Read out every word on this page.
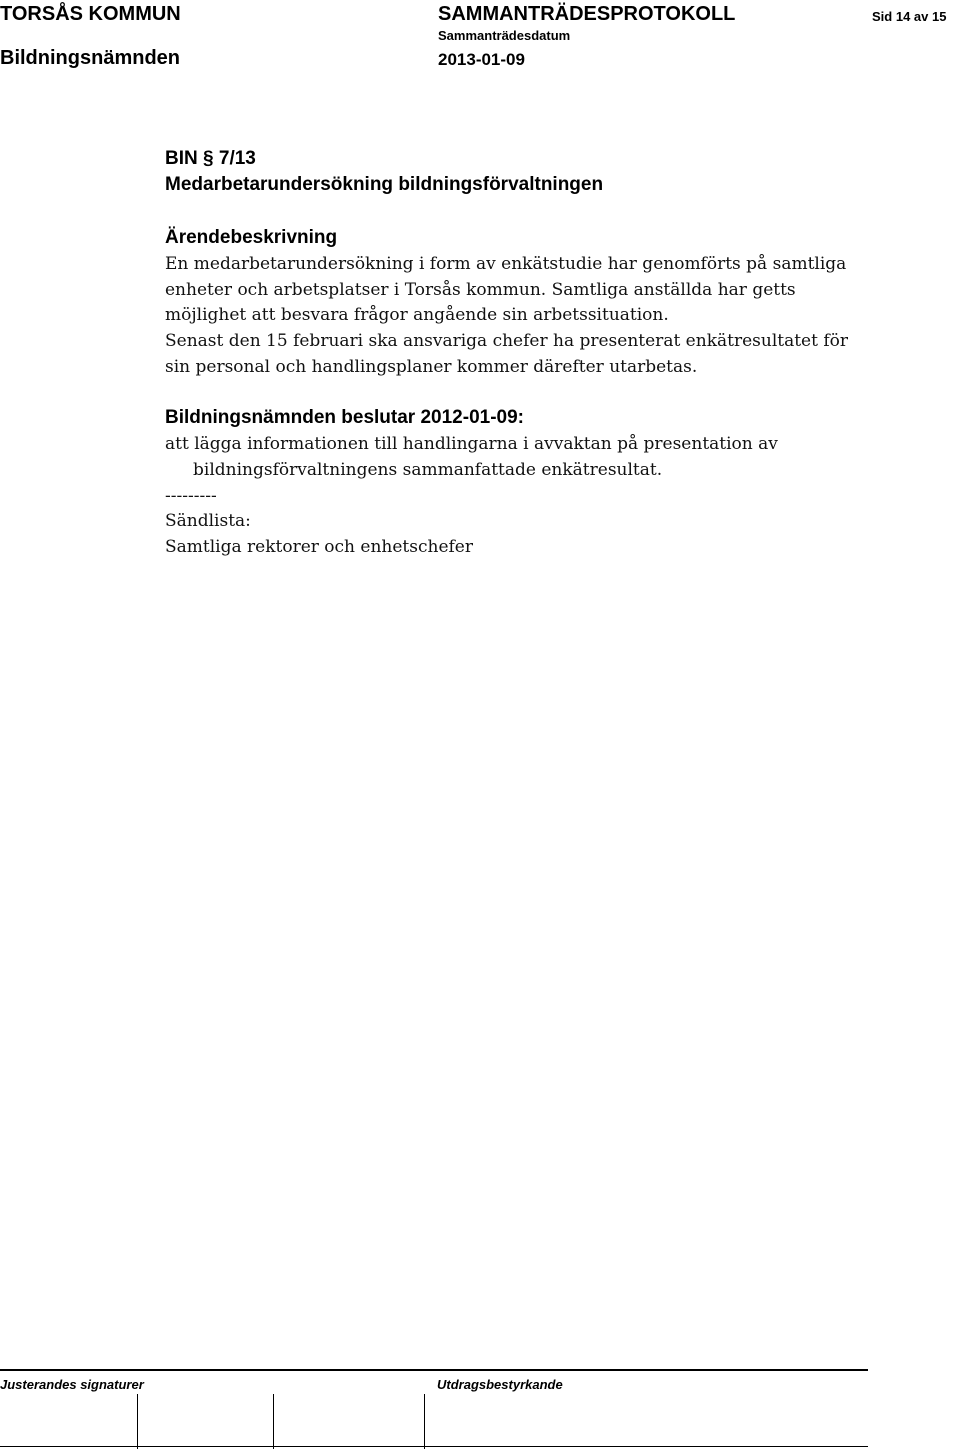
TORSÅS KOMMUN	SAMMANTRÄDESPROTOKOLL	Sid 14 av 15
Bildningsnämnden
Sammanträdesdatum
2013-01-09
BIN § 7/13
Medarbetarundersökning bildningsförvaltningen
Ärendebeskrivning
En medarbetarundersökning i form av enkätstudie har genomförts på samtliga
enheter och arbetsplatser i Torsås kommun. Samtliga anställda har getts
möjlighet att besvara frågor angående sin arbetssituation.
Senast den 15 februari ska ansvariga chefer ha presenterat enkätresultatet för
sin personal och handlingsplaner kommer därefter utarbetas.
Bildningsnämnden beslutar 2012-01-09:
att lägga informationen till handlingarna i avvaktan på presentation av
bildningsförvaltningens sammanfattade enkätresultat.
---------
Sändlista:
Samtliga rektorer och enhetschefer
Justerandes signaturer	Utdragsbestyrkande
